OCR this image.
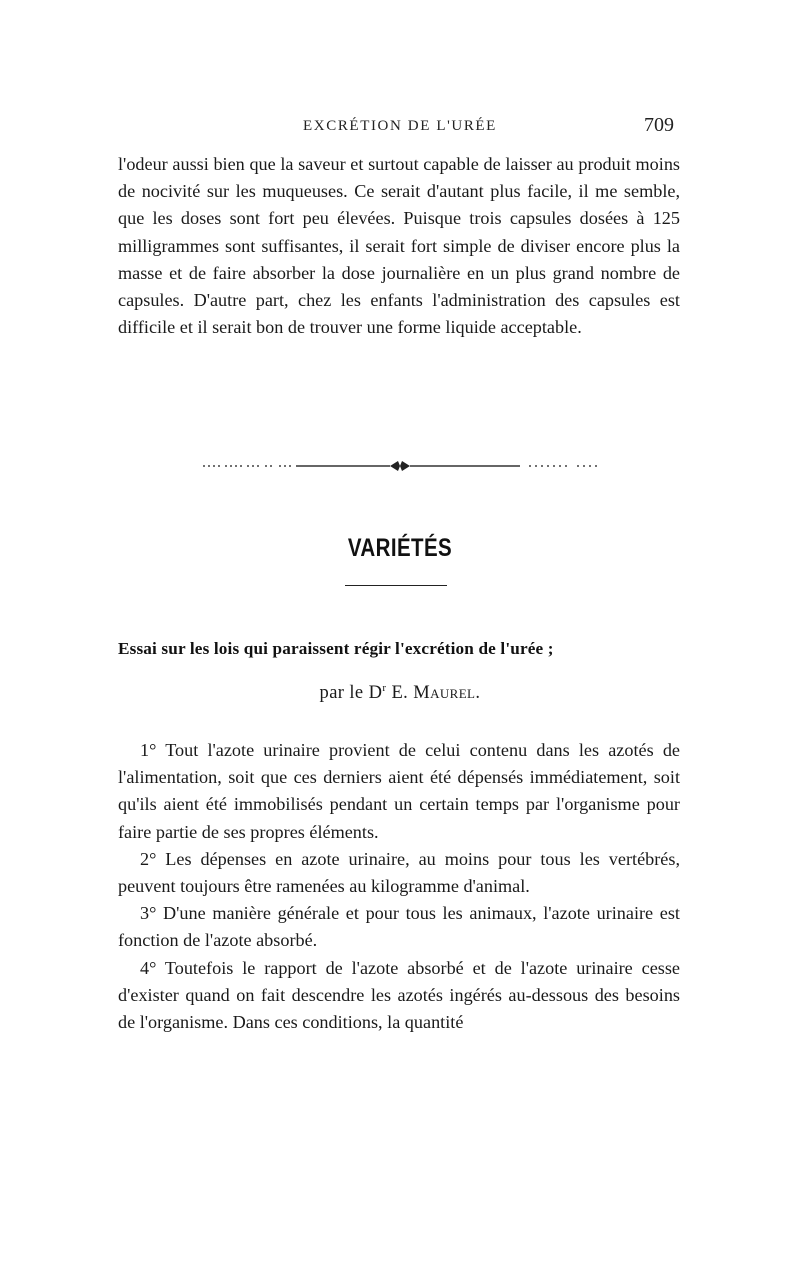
EXCRÉTION DE L'URÉE	709

l'odeur aussi bien que la saveur et surtout capable de laisser au produit moins de nocivité sur les muqueuses. Ce serait d'autant plus facile, il me semble, que les doses sont fort peu élevées. Puisque trois capsules dosées à 125 milligrammes sont suffisantes, il serait fort simple de diviser encore plus la masse et de faire absorber la dose journalière en un plus grand nombre de capsules. D'autre part, chez les enfants l'administration des capsules est difficile et il serait bon de trouver une forme liquide acceptable.

VARIÉTÉS
Essai sur les lois qui paraissent régir l'excrétion de l'urée ;
par le $D^r$ E. Maurel.

1° Tout l'azote urinaire provient de celui contenu dans les azotés de l'alimentation, soit que ces derniers aient été dépensés immédiatement, soit qu'ils aient été immobilisés pendant un certain temps par l'organisme pour faire partie de ses propres éléments.

2° Les dépenses en azote urinaire, au moins pour tous les vertébrés, peuvent toujours être ramenées au kilogramme d'animal.

3° D'une manière générale et pour tous les animaux, l'azote urinaire est fonction de l'azote absorbé.

4° Toutefois le rapport de l'azote absorbé et de l'azote urinaire cesse d'exister quand on fait descendre les azotés ingérés au-dessous des besoins de l'organisme. Dans ces conditions, la quantité
